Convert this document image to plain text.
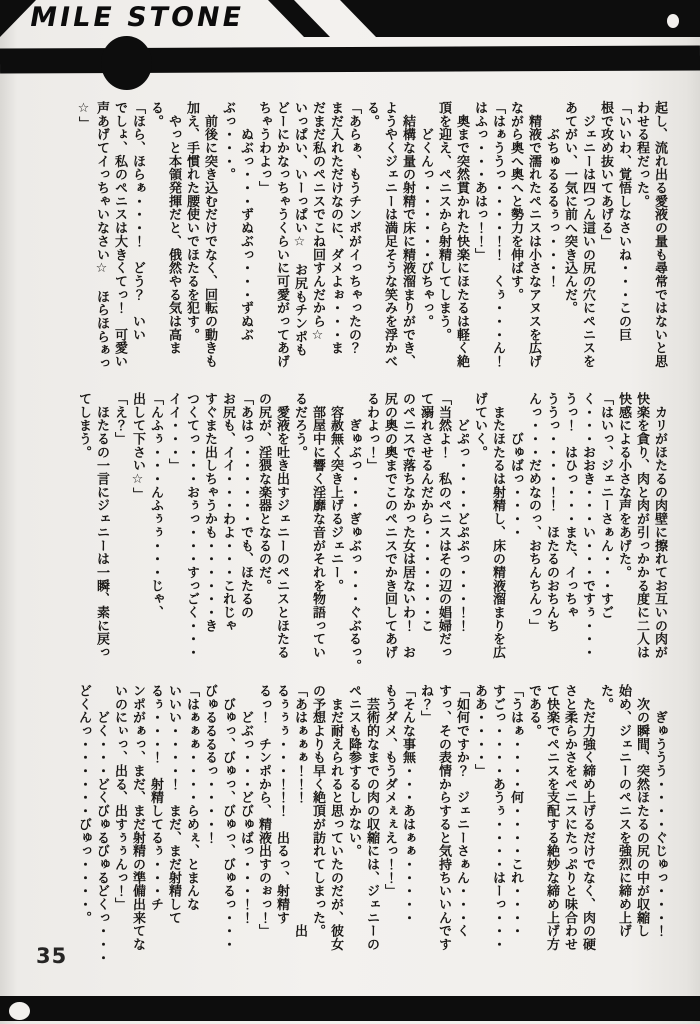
MILE STONE
起し、流れ出る愛液の量も尋常ではないと思
わせる程だった。
「いいわ、覚悟しなさいね・・・この巨
根で攻め抜いてあげる」
　ジェニーは四つん這いの尻の穴にペニスを
あてがい、一気に前へ突き込んだ。
　　ぶちゅるるるぅっ・・・！
　精液で濡れたペニスは小さなアヌスを広げ
ながら奥へ奥へと勢力を伸ばす。
「はぁううっ・・・・！！　くぅ・・・ん！
はふっ・・・あはっ！！」
　奥まで突然貫かれた快楽にほたるは軽く絶
頂を迎え、ペニスから射精してしまう。
　　どくんっ・・・・・・びちゃっ。
　結構な量の射精で床に精液溜まりができ、
ようやくジェニーは満足そうな笑みを浮かべ
る。
「あらぁ、もうチンポがイっちゃったの？
まだ入れただけなのに、ダメよぉ・・・ま
だまだ私のペニスでこね回すんだから☆
いっぱい、いーっぱい☆　お尻もチンポも
どーにかなっちゃうくらいに可愛がってあげ
ちゃうわよっ」
　　ぬぶっ・・・ずぬぶっ・・・ずぬぶ
ぶっ・・・。
　前後に突き込むだけでなく、回転の動きも
加え、手慣れた腰使いでほたるを犯す。
　やっと本領発揮だと、俄然やる気は高ま
る。
「ほら、ほらぁ・・・！　どう？　いい
でしょ、私のペニスは大きくてっ！　可愛い
声あげてイっちゃいなさい☆　ほらほらぁっ
☆」
　カリがほたるの肉壁に擦れてお互いの肉が
快楽を貪り、肉と肉が引っかかる度に二人は
快感による小さな声をあげた。
「はいっ、ジェニーさぁん・・・すご
く・・・おおき・・・い・・・ですぅ・・・
うっ！　はひっ・・・また、イっちゃ
ううっ・・・・！！　ほたるのおちんち
んっ・・・だめなのっ、おちんちんっ」
　　　びゅばっ・・・・
　またほたるは射精し、床の精液溜まりを広
げていく。
　　どぷっ・・・・どぷぷっ・・・！！
「当然よ！　私のペニスはその辺の娼婦だっ
て溺れさせるんだから・・・・・・・こ
のペニスで落ちなかった女は居ないわ！　お
尻の奥の奥までこのペニスでかき回してあげ
るわよっ！」
　　ぎゅぶっ・・・ぎゅぶっ・・・ぐぶるっ。
　容赦無く突き上げるジェニー。
　部屋中に響く淫靡な音がそれを物語ってい
るだろう。
　愛液を吐き出すジェニーのペニスとほたる
の尻が、淫猥な楽器となるのだ。
「あはっ・・・・・・でも、ほたるの
お尻も、イイ・・・わよ・・・これじゃ
すぐまた出しちゃうかも・・・・・・き
つくてっ・・・おぅっ・・・すっごく・・・
イイ・・・」
「んふぅ・・・んふぅぅ・・・じゃ、
出して下さい☆」
「え？」
　ほたるの一言にジェニーは一瞬、素に戻っ
てしまう。
　　ぎゅううう・・・・ぐじゅっ・・・！
　次の瞬間、突然ほたるの尻の中が収縮し
始め、ジェニーのペニスを強烈に締め上げ
た。
　ただ力強く締め上げるだけでなく、肉の硬
さと柔らかさをペニスにたっぷりと味合わせ
て快楽でペニスを支配する絶妙な締め上げ方
である。
「うはぁ・・・・何・・・・これ・・・・
すごっ・・・・あうぅ・・・・はーっ・・・
ああ・・・・」
「如何ですか？　ジェニーさぁん・・・く
すっ、その表情からすると気持ちいいんです
ね？」
「そんな事無・・・あはぁぁ・・・・・
もうダメ、もうダメぇぇえっ！！」
　芸術的なまでの肉の収縮には、ジェニーの
ペニスも降参するしかない。
　まだ耐えられると思っていたのだが、彼女
の予想よりも早く絶頂が訪れてしまった。
「あはぁぁぁ！！！　　　　　　　　　出
るぅぅぅ・・・！！！　出るっ、射精す
るっ！　チンポから、精液出すのぉっ！」
　　どぶっ・・・どびゅばっ・・・！！
　びゅっ、びゅっ、びゅっ、びゅるっ・・・
びゅるるるるっ・・・・！
「はぁぁぁ・・・・らめぇ、とまんな
いいい・・・・！　まだ、まだ射精して
るぅ・・・！　射精してるぅ・・・チ
ンポがぁっ、まだ、まだ射精の準備出来てな
いのにぃっ、出る、出すぅぅんっ！」
　　どく・・・どくびゅるびゅるどくっ・・・
どくんっ・・・・・・びゅっ・・・・。
35
